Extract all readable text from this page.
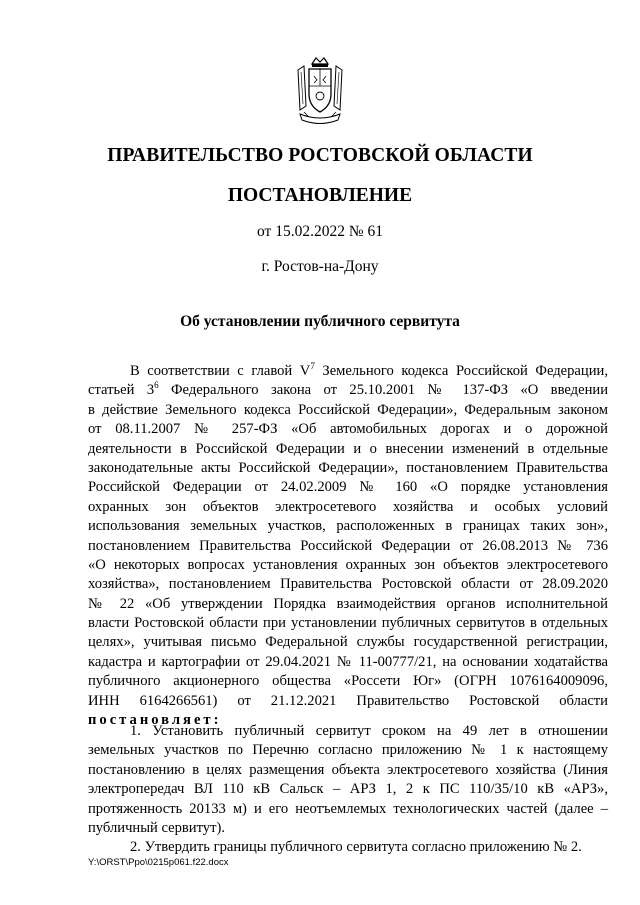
ПРАВИТЕЛЬСТВО РОСТОВСКОЙ ОБЛАСТИ
ПОСТАНОВЛЕНИЕ
от 15.02.2022 № 61
г. Ростов-на-Дону
Об установлении публичного сервитута
В соответствии с главой $V^7$ Земельного кодекса Российской Федерации,
статьей $3^6$ Федерального закона от 25.10.2001 № 137-ФЗ «О введении
в действие Земельного кодекса Российской Федерации», Федеральным законом
от 08.11.2007 № 257-ФЗ «Об автомобильных дорогах и о дорожной
деятельности в Российской Федерации и о внесении изменений в отдельные
законодательные акты Российской Федерации», постановлением Правительства
Российской Федерации от 24.02.2009 № 160 «О порядке установления
охранных зон объектов электросетевого хозяйства и особых условий
использования земельных участков, расположенных в границах таких зон»,
постановлением Правительства Российской Федерации от 26.08.2013 № 736
«О некоторых вопросах установления охранных зон объектов электросетевого
хозяйства», постановлением Правительства Ростовской области от 28.09.2020
№ 22 «Об утверждении Порядка взаимодействия органов исполнительной
власти Ростовской области при установлении публичных сервитутов в отдельных
целях», учитывая письмо Федеральной службы государственной регистрации,
кадастра и картографии от 29.04.2021 № 11-00777/21, на основании ходатайства
публичного акционерного общества «Россети Юг» (ОГРН 1076164009096,
ИНН 6164266561) от 21.12.2021 Правительство Ростовской области
постановляет:
1. Установить публичный сервитут сроком на 49 лет в отношении
земельных участков по Перечню согласно приложению № 1 к настоящему
постановлению в целях размещения объекта электросетевого хозяйства (Линия
электропередач ВЛ 110 кВ Сальск – АРЗ 1, 2 к ПС 110/35/10 кВ «АРЗ»,
протяженность 20133 м) и его неотъемлемых технологических частей (далее –
публичный сервитут).
2. Утвердить границы публичного сервитута согласно приложению № 2.
Y:\ORST\Ppo\0215p061.f22.docx
